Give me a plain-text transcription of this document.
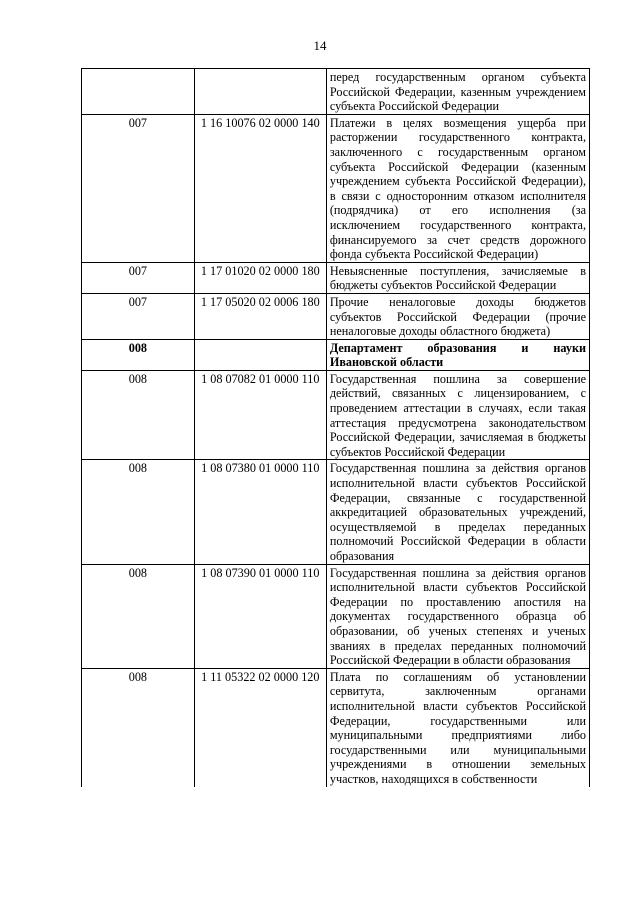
14
		перед государственным органом субъекта Российской Федерации, казенным учреждением субъекта Российской Федерации
007	1 16 10076 02 0000 140	Платежи в целях возмещения ущерба при расторжении государственного контракта, заключенного с государственным органом субъекта Российской Федерации (казенным учреждением субъекта Российской Федерации), в связи с односторонним отказом исполнителя (подрядчика) от его исполнения (за исключением государственного контракта, финансируемого за счет средств дорожного фонда субъекта Российской Федерации)
007	1 17 01020 02 0000 180	Невыясненные поступления, зачисляемые в бюджеты субъектов Российской Федерации
007	1 17 05020 02 0006 180	Прочие неналоговые доходы бюджетов субъектов Российской Федерации (прочие неналоговые доходы областного бюджета)
008		Департамент образования и науки Ивановской области
008	1 08 07082 01 0000 110	Государственная пошлина за совершение действий, связанных с лицензированием, с проведением аттестации в случаях, если такая аттестация предусмотрена законодательством Российской Федерации, зачисляемая в бюджеты субъектов Российской Федерации
008	1 08 07380 01 0000 110	Государственная пошлина за действия органов исполнительной власти субъектов Российской Федерации, связанные с государственной аккредитацией образовательных учреждений, осуществляемой в пределах переданных полномочий Российской Федерации в области образования
008	1 08 07390 01 0000 110	Государственная пошлина за действия органов исполнительной власти субъектов Российской Федерации по проставлению апостиля на документах государственного образца об образовании, об ученых степенях и ученых званиях в пределах переданных полномочий Российской Федерации в области образования
008	1 11 05322 02 0000 120	Плата по соглашениям об установлении сервитута, заключенным органами исполнительной власти субъектов Российской Федерации, государственными или муниципальными предприятиями либо государственными или муниципальными учреждениями в отношении земельных участков, находящихся в собственности
